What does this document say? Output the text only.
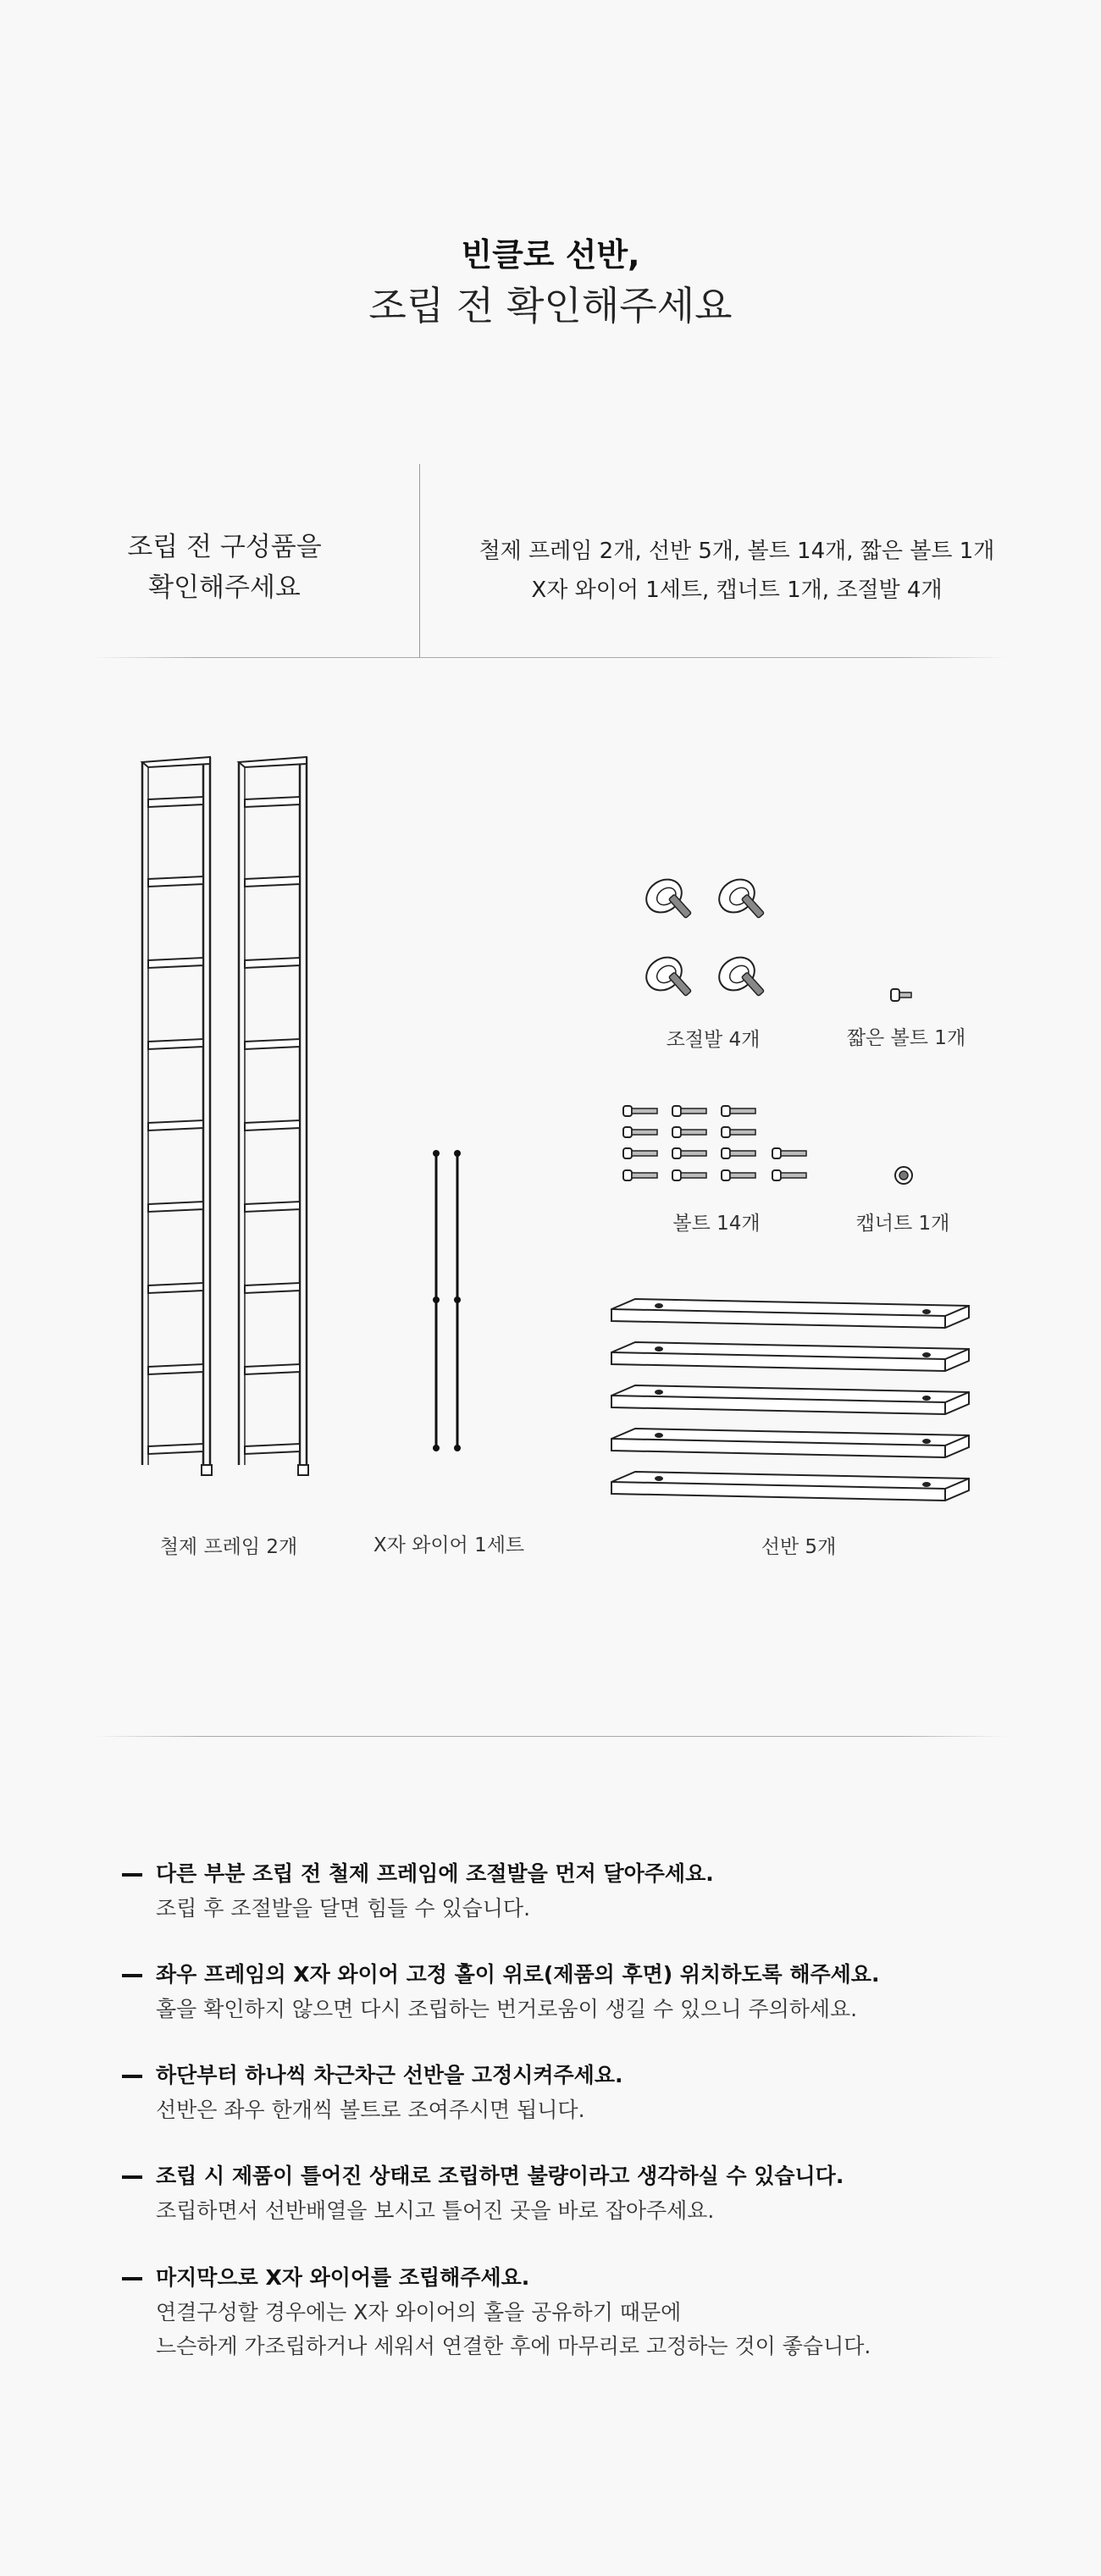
빈클로 선반,
조립 전 확인해주세요
조립 전 구성품을
확인해주세요
철제 프레임 2개, 선반 5개, 볼트 14개, 짧은 볼트 1개
X자 와이어 1세트, 캡너트 1개, 조절발 4개
철제 프레임 2개	X자 와이어 1세트	선반 5개
조절발 4개	짧은 볼트 1개
볼트 14개	캡너트 1개
다른 부분 조립 전 철제 프레임에 조절발을 먼저 달아주세요.
조립 후 조절발을 달면 힘들 수 있습니다.
좌우 프레임의 X자 와이어 고정 홀이 위로(제품의 후면) 위치하도록 해주세요.
홀을 확인하지 않으면 다시 조립하는 번거로움이 생길 수 있으니 주의하세요.
하단부터 하나씩 차근차근 선반을 고정시켜주세요.
선반은 좌우 한개씩 볼트로 조여주시면 됩니다.
조립 시 제품이 틀어진 상태로 조립하면 불량이라고 생각하실 수 있습니다.
조립하면서 선반배열을 보시고 틀어진 곳을 바로 잡아주세요.
마지막으로 X자 와이어를 조립해주세요.
연결구성할 경우에는 X자 와이어의 홀을 공유하기 때문에
느슨하게 가조립하거나 세워서 연결한 후에 마무리로 고정하는 것이 좋습니다.
